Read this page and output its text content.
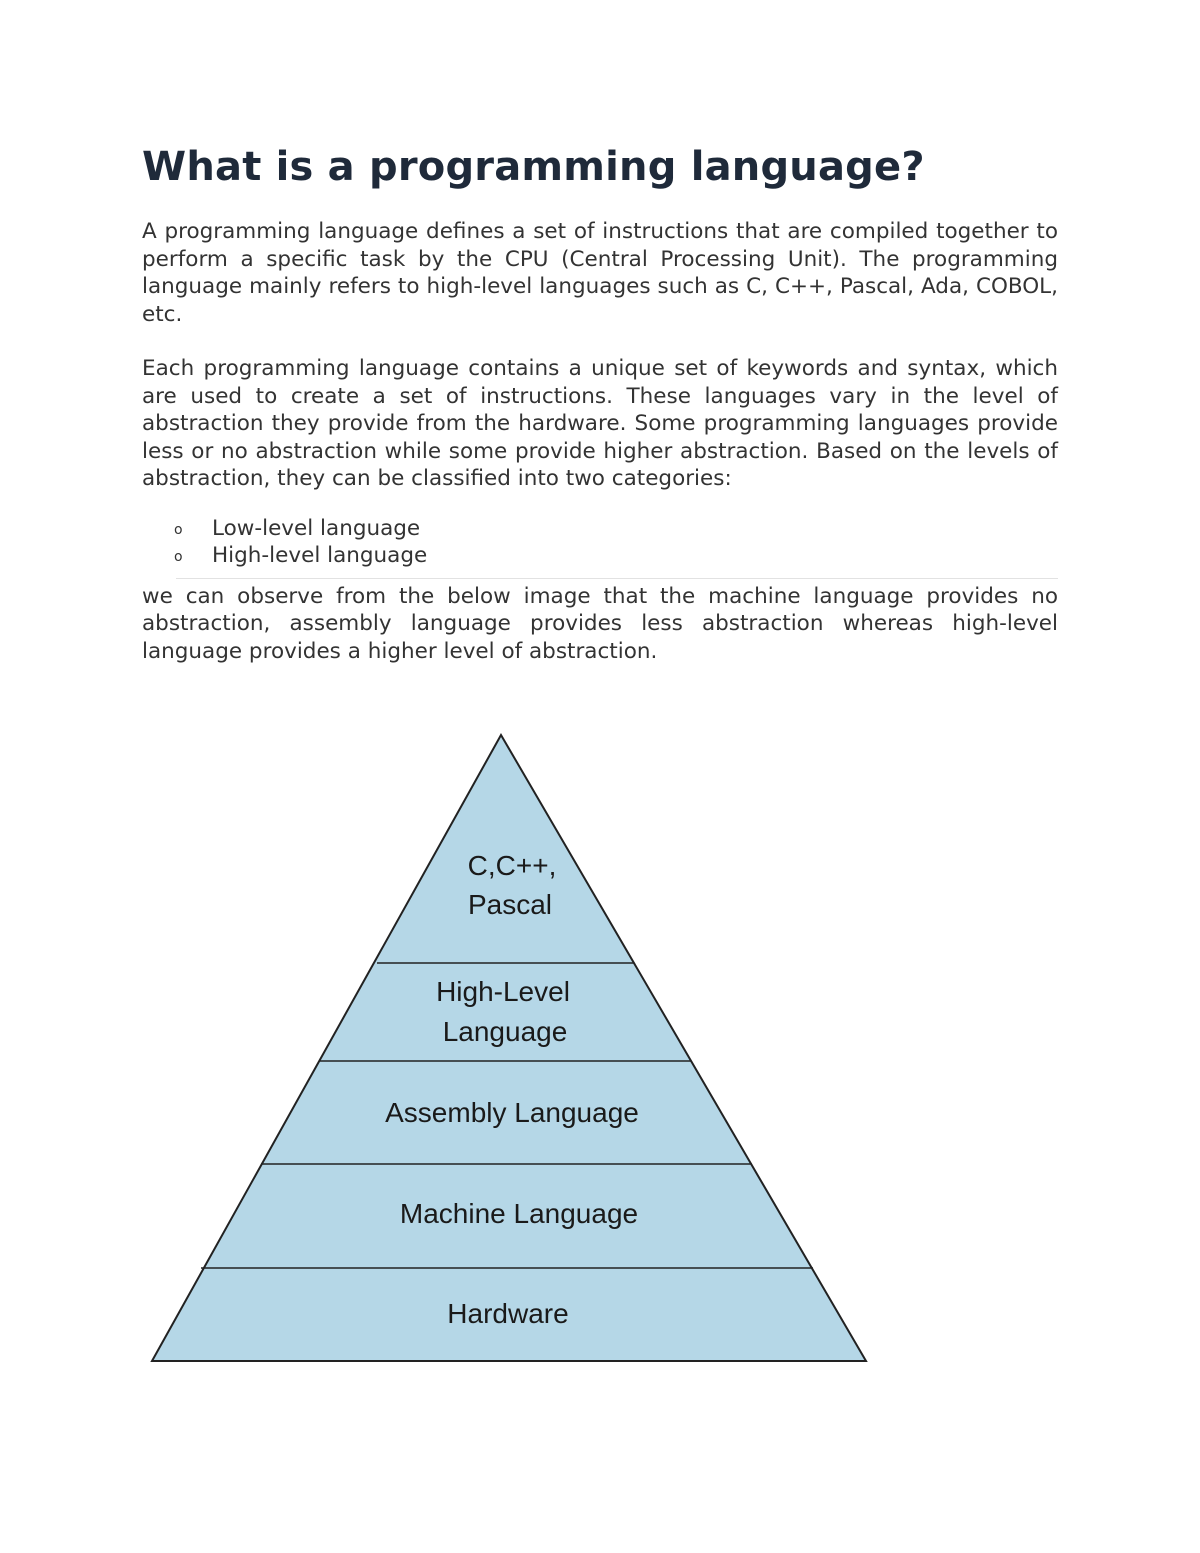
What is a programming language?

A programming language defines a set of instructions that are compiled together to perform a specific task by the CPU (Central Processing Unit). The programming language mainly refers to high-level languages such as C, C++, Pascal, Ada, COBOL, etc.

Each programming language contains a unique set of keywords and syntax, which are used to create a set of instructions. These languages vary in the level of abstraction they provide from the hardware. Some programming languages provide less or no abstraction while some provide higher abstraction. Based on the levels of abstraction, they can be classified into two categories:

o Low-level language
o High-level language

we can observe from the below image that the machine language provides no abstraction, assembly language provides less abstraction whereas high-level language provides a higher level of abstraction.

C,C++,
Pascal
High-Level
Language
Assembly Language
Machine Language
Hardware
